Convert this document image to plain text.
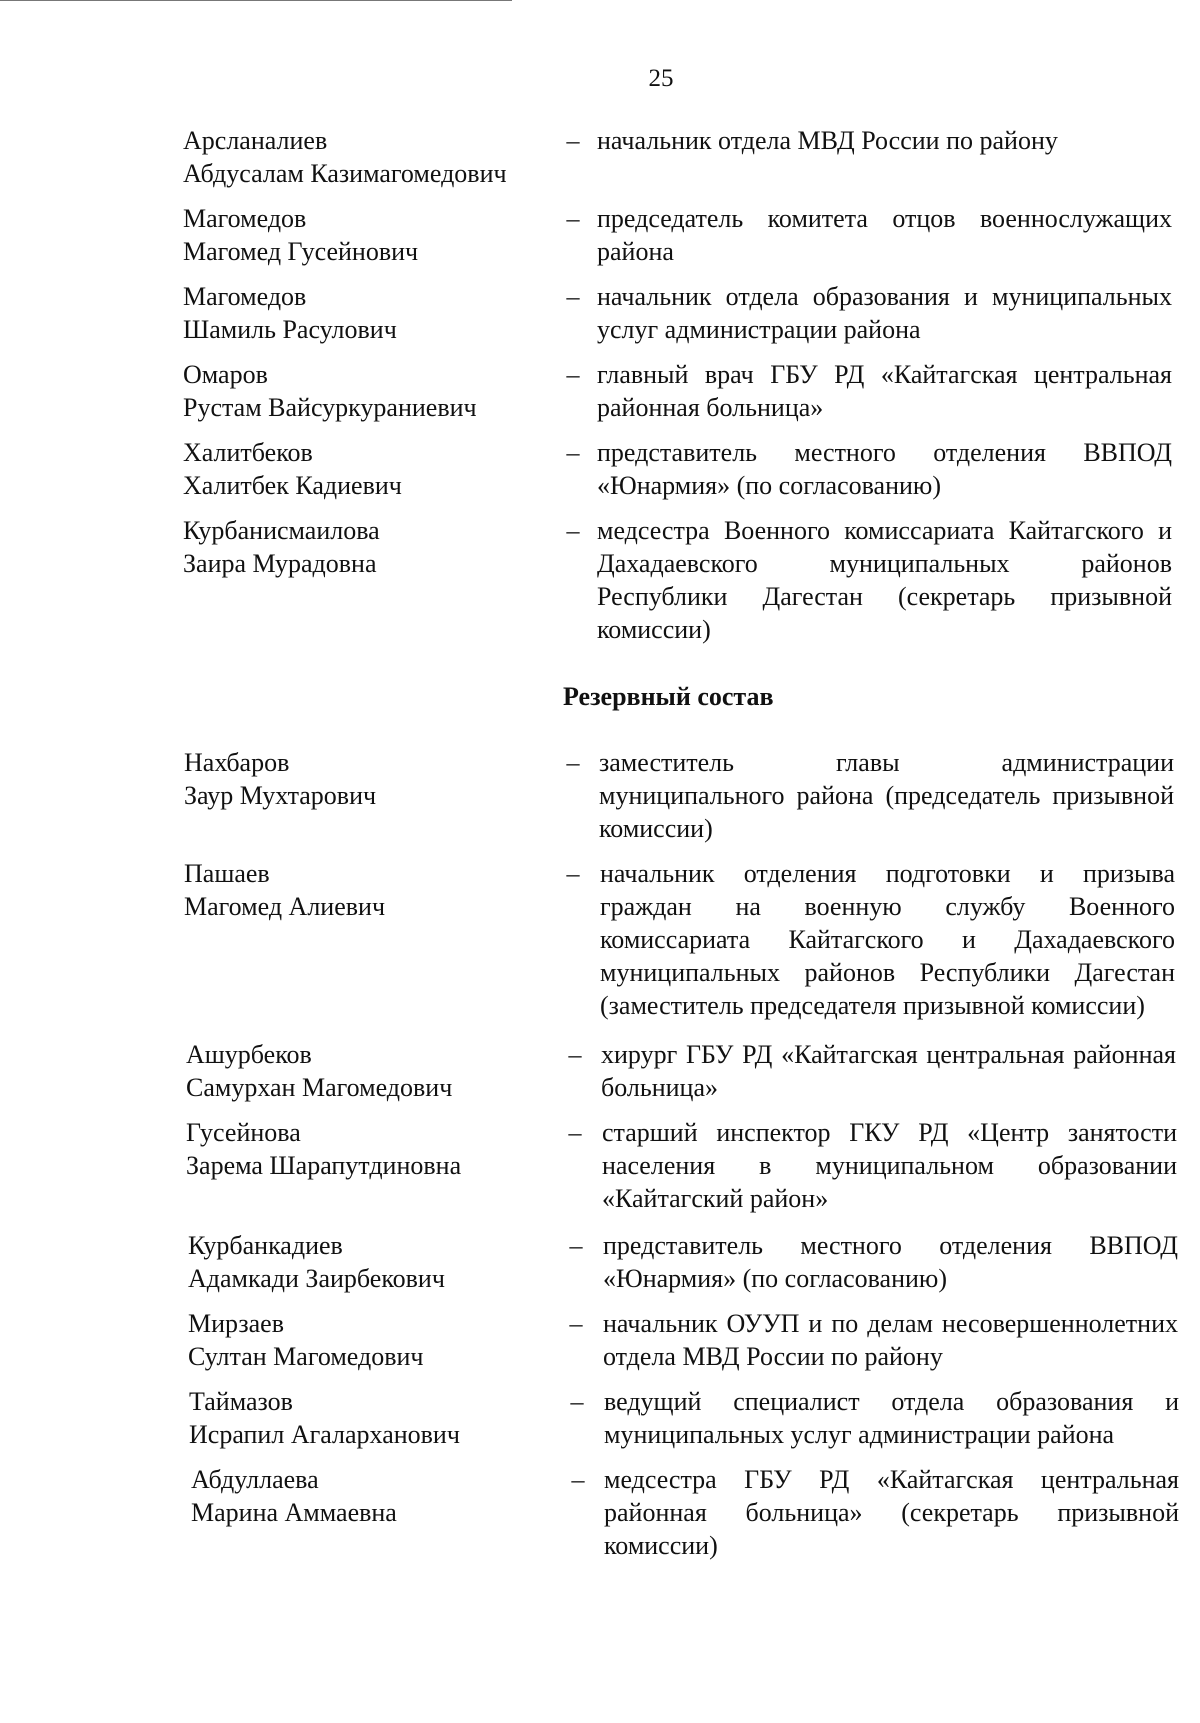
25
Арсланалиев
Абдусалам Казимагомедович
– начальник отдела МВД России по району
Магомедов
Магомед Гусейнович
– председатель комитета отцов военнослужащих района
Магомедов
Шамиль Расулович
– начальник отдела образования и муниципальных услуг администрации района
Омаров
Рустам Вайсуркураниевич
– главный врач ГБУ РД «Кайтагская центральная районная больница»
Халитбеков
Халитбек Кадиевич
– представитель местного отделения ВВПОД «Юнармия» (по согласованию)
Курбанисмаилова
Заира Мурадовна
– медсестра Военного комиссариата Кайтагского и Дахадаевского муниципальных районов Республики Дагестан (секретарь призывной комиссии)
Резервный состав
Нахбаров
Заур Мухтарович
– заместитель главы администрации муниципального района (председатель призывной комиссии)
Пашаев
Магомед Алиевич
– начальник отделения подготовки и призыва граждан на военную службу Военного комиссариата Кайтагского и Дахадаевского муниципальных районов Республики Дагестан (заместитель председателя призывной комиссии)
Ашурбеков
Самурхан Магомедович
– хирург ГБУ РД «Кайтагская центральная районная больница»
Гусейнова
Зарема Шарапутдиновна
– старший инспектор ГКУ РД «Центр занятости населения в муниципальном образовании «Кайтагский район»
Курбанкадиев
Адамкади Заирбекович
– представитель местного отделения ВВПОД «Юнармия» (по согласованию)
Мирзаев
Султан Магомедович
– начальник ОУУП и по делам несовершеннолетних отдела МВД России по району
Таймазов
Исрапил Агаларханович
– ведущий специалист отдела образования и муниципальных услуг администрации района
Абдуллаева
Марина Аммаевна
– медсестра ГБУ РД «Кайтагская центральная районная больница» (секретарь призывной комиссии)
